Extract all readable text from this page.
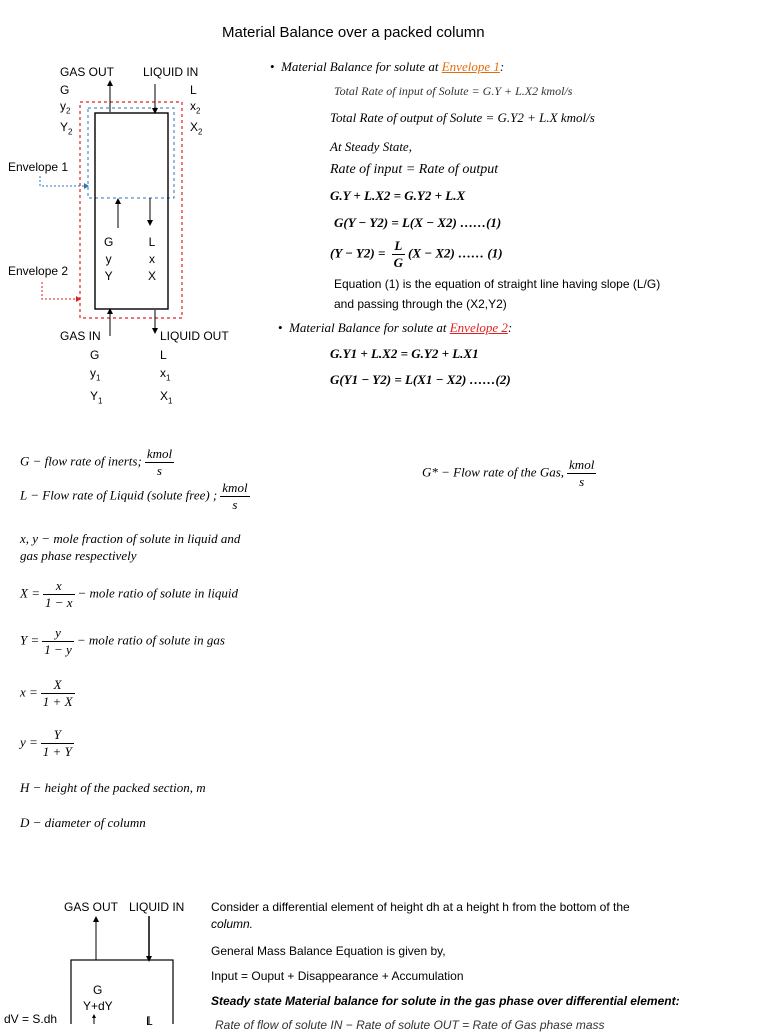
Material Balance over a packed column
GAS OUT LIQUID IN
G
$y_2$
$Y_2$
L
$x_2$
$X_2$
Envelope 1
Envelope 2
G
y
Y
L
x
X
GAS IN	LIQUID OUT
G
$y_1$
$Y_1$
L
$x_1$
$X_1$
•  Material Balance for solute at Envelope 1:
Total Rate of input of Solute = G.Y + L.X2 kmol/s
Total Rate of output of Solute = G.Y2 + L.X kmol/s
At Steady State,
Rate of input = Rate of output
G.Y + L.X2 = G.Y2 + L.X
G(Y − Y2) = L(X − X2) ……(1)
$(Y - Y2) = \frac{L}{G} (X - X2)$ …… (1)
Equation (1) is the equation of straight line having slope (L/G)
and passing through the (X2,Y2)
•  Material Balance for solute at Envelope 2:
G.Y1 + L.X2 = G.Y2 + L.X1
G(Y1 − Y2) = L(X1 − X2) ……(2)
G − flow rate of inerts; $\frac{\text{kmol}}{s}$	G* − Flow rate of the Gas, $\frac{\text{kmol}}{s}$
L − Flow rate of Liquid (solute free) ; $\frac{\text{kmol}}{s}$
x, y − mole fraction of solute in liquid and
gas phase respectively
$X = \frac{x}{1 - x}$ − mole ratio of solute in liquid
$Y = \frac{y}{1 - y}$ − mole ratio of solute in gas
$x = \frac{X}{1 + X}$
$y = \frac{Y}{1 + Y}$
H − height of the packed section, m
D − diameter of column
GAS OUT LIQUID IN
G
Y+dY
dV = S.dh	L
Consider a differential element of height dh at a height h from the bottom of the
column.
General Mass Balance Equation is given by,
Input = Ouput + Disappearance + Accumulation
Steady state Material balance for solute in the gas phase over differential element:
Rate of flow of solute IN − Rate of solute OUT = Rate of Gas phase mass
